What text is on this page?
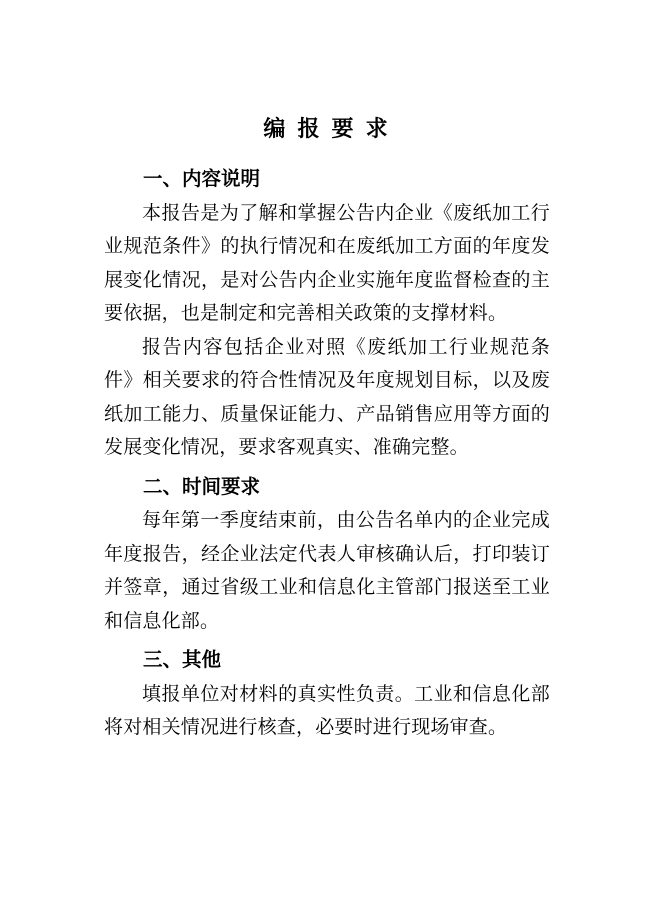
编 报 要 求
一、内容说明

本报告是为了解和掌握公告内企业《废纸加工行业规范条件》的执行情况和在废纸加工方面的年度发展变化情况，是对公告内企业实施年度监督检查的主要依据，也是制定和完善相关政策的支撑材料。

报告内容包括企业对照《废纸加工行业规范条件》相关要求的符合性情况及年度规划目标，以及废纸加工能力、质量保证能力、产品销售应用等方面的发展变化情况，要求客观真实、准确完整。

二、时间要求

每年第一季度结束前，由公告名单内的企业完成年度报告，经企业法定代表人审核确认后，打印装订并签章，通过省级工业和信息化主管部门报送至工业和信息化部。

三、其他

填报单位对材料的真实性负责。工业和信息化部将对相关情况进行核查，必要时进行现场审查。
